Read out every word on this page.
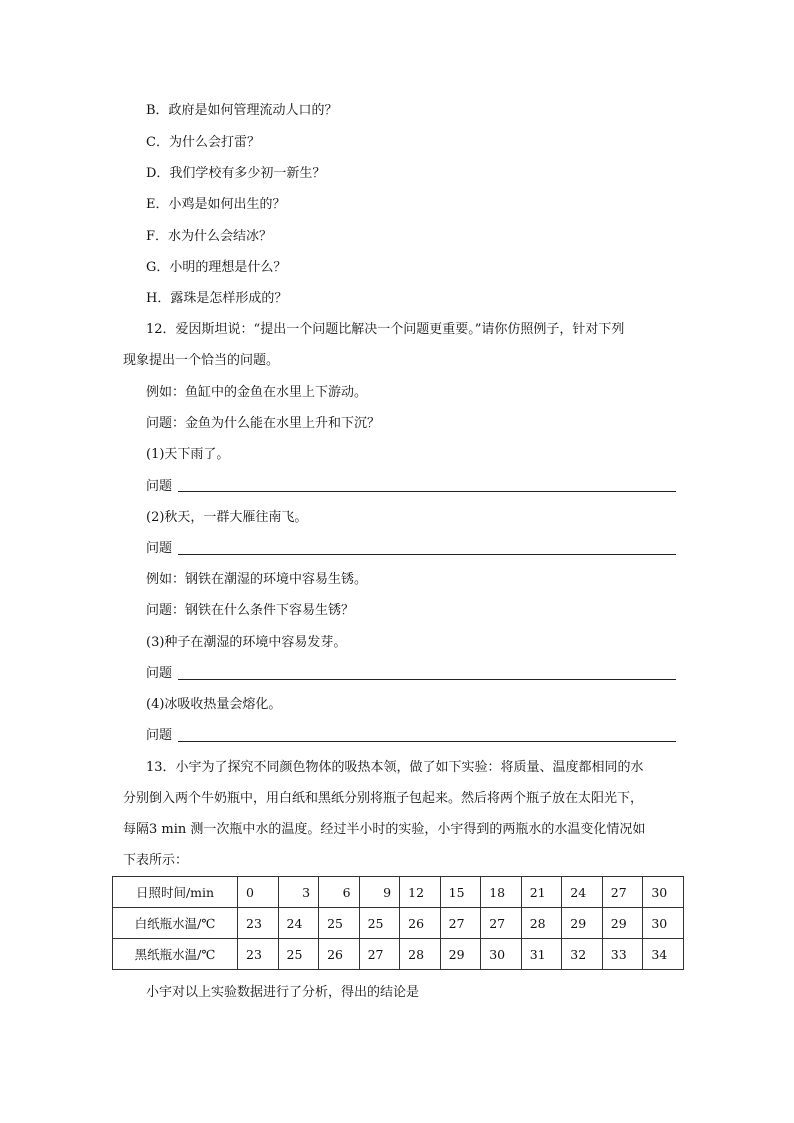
B．政府是如何管理流动人口的？
C．为什么会打雷？
D．我们学校有多少初一新生？
E．小鸡是如何出生的？
F．水为什么会结冰？
G．小明的理想是什么？
H．露珠是怎样形成的？
12．爱因斯坦说：“提出一个问题比解决一个问题更重要。”请你仿照例子，针对下列
现象提出一个恰当的问题。
例如：鱼缸中的金鱼在水里上下游动。
问题：金鱼为什么能在水里上升和下沉？
(1)天下雨了。
问题
(2)秋天，一群大雁往南飞。
问题
例如：钢铁在潮湿的环境中容易生锈。
问题：钢铁在什么条件下容易生锈？
(3)种子在潮湿的环境中容易发芽。
问题
(4)冰吸收热量会熔化。
问题
13．小宇为了探究不同颜色物体的吸热本领，做了如下实验：将质量、温度都相同的水
分别倒入两个牛奶瓶中，用白纸和黑纸分别将瓶子包起来。然后将两个瓶子放在太阳光下，
每隔3 min 测一次瓶中水的温度。经过半小时的实验，小宇得到的两瓶水的水温变化情况如
下表所示：
日照时间/min	0	3	6	9	12	15	18	21	24	27	30
白纸瓶水温/℃	23	24	25	25	26	27	27	28	29	29	30
黑纸瓶水温/℃	23	25	26	27	28	29	30	31	32	33	34
小宇对以上实验数据进行了分析，得出的结论是
